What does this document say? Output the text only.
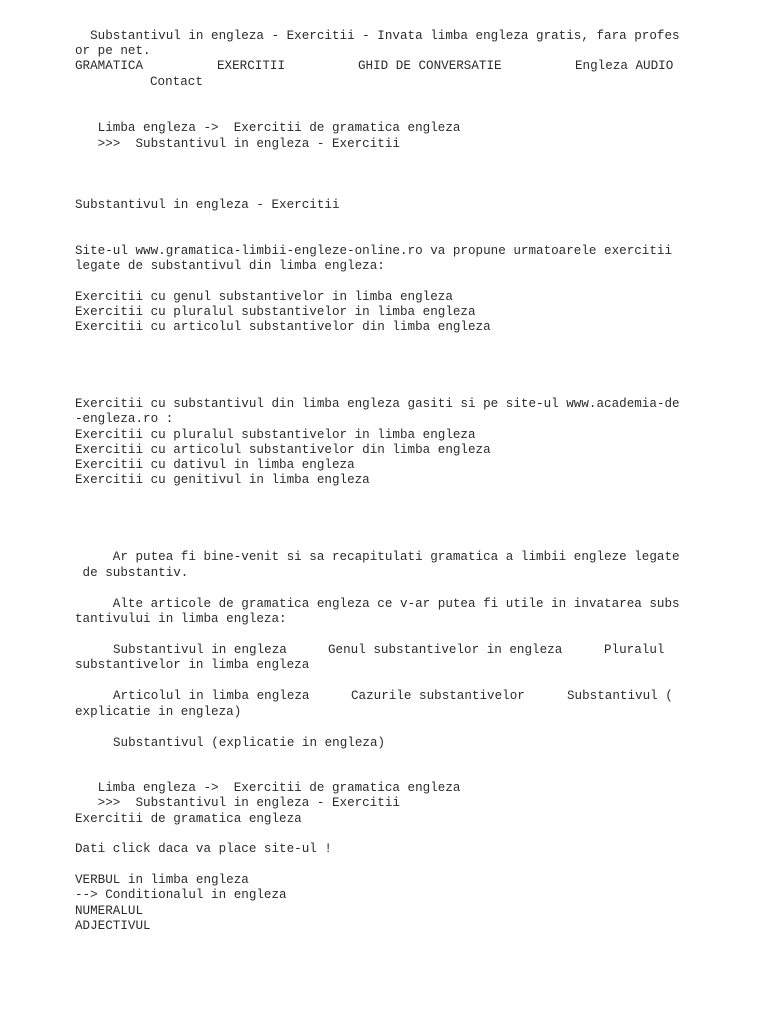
Substantivul in engleza - Exercitii - Invata limba engleza gratis, fara profes
or pe net.
GRAMATICA	EXERCITII	GHID DE CONVERSATIE	Engleza AUDIO
Contact
Limba engleza ->  Exercitii de gramatica engleza
>>>  Substantivul in engleza - Exercitii
Substantivul in engleza - Exercitii
Site-ul www.gramatica-limbii-engleze-online.ro va propune urmatoarele exercitii
legate de substantivul din limba engleza:
Exercitii cu genul substantivelor in limba engleza
Exercitii cu pluralul substantivelor in limba engleza
Exercitii cu articolul substantivelor din limba engleza
Exercitii cu substantivul din limba engleza gasiti si pe site-ul www.academia-de
-engleza.ro :
Exercitii cu pluralul substantivelor in limba engleza
Exercitii cu articolul substantivelor din limba engleza
Exercitii cu dativul in limba engleza
Exercitii cu genitivul in limba engleza
Ar putea fi bine-venit si sa recapitulati gramatica a limbii engleze legate
de substantiv.
Alte articole de gramatica engleza ce v-ar putea fi utile in invatarea subs
tantivului in limba engleza:
Substantivul in engleza	Genul substantivelor in engleza	Pluralul
substantivelor in limba engleza
Articolul in limba engleza	Cazurile substantivelor	Substantivul (
explicatie in engleza)
Substantivul (explicatie in engleza)
Limba engleza ->  Exercitii de gramatica engleza
>>>  Substantivul in engleza - Exercitii
Exercitii de gramatica engleza
Dati click daca va place site-ul !
VERBUL in limba engleza
--> Conditionalul in engleza
NUMERALUL
ADJECTIVUL
